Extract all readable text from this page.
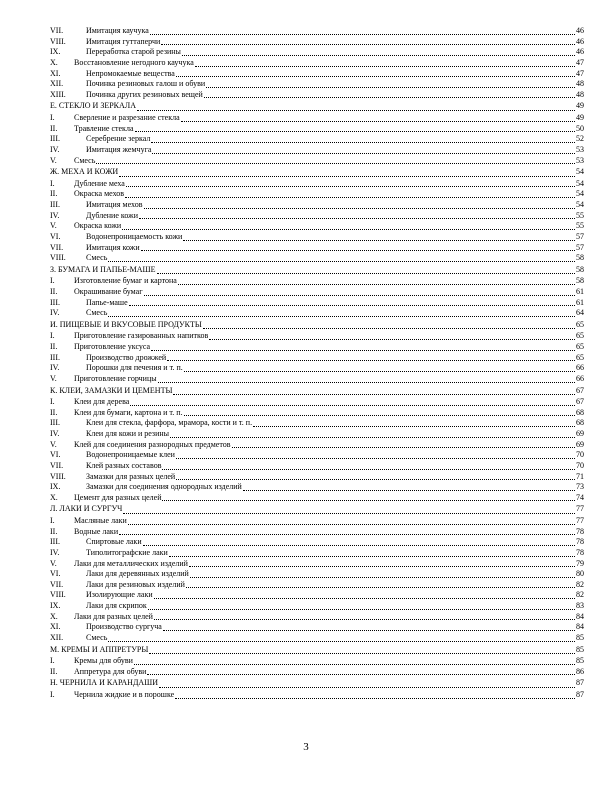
VII.	Имитация каучука	46
VIII.	Имитация гуттаперчи	46
IX.	Переработка старой резины	46
X.	Восстановление негодного каучука	47
XI.	Непромокаемые вещества	47
XII.	Починка резиновых галош и обуви	48
XIII.	Починка других резиновых вещей	48
Е. СТЕКЛО И ЗЕРКАЛА	49
I.	Сверление и разрезание стекла	49
II.	Травление стекла	50
III.	Серебрение зеркал	52
IV.	Имитация жемчуга	53
V.	Смесь	53
Ж. МЕХА И КОЖИ	54
I.	Дубление меха	54
II.	Окраска мехов	54
III.	Имитация мехов	54
IV.	Дубление кожи	55
V.	Окраска кожи	55
VI.	Водонепроницаемость кожи	57
VII.	Имитация кожи	57
VIII.	Смесь	58
З. БУМАГА И ПАПЬЕ-МАШЕ	58
I.	Изготовление бумаг и картона	58
II.	Окрашивание бумаг	61
III.	Папье-маше	61
IV.	Смесь	64
И. ПИЩЕВЫЕ И ВКУСОВЫЕ ПРОДУКТЫ	65
I.	Приготовление газированных напитков	65
II.	Приготовление уксуса	65
III.	Производство дрожжей	65
IV.	Порошки для печения и т. п.	66
V.	Приготовление горчицы	66
К. КЛЕИ, ЗАМАЗКИ И ЦЕМЕНТЫ	67
I.	Клеи для дерева	67
II.	Клеи для бумаги, картона и т. п.	68
III.	Клеи для стекла, фарфора, мрамора, кости и т. п.	68
IV.	Клеи для кожи и резины	69
V.	Клей для соединения разнородных предметов	69
VI.	Водонепроницаемые клеи	70
VII.	Клей разных составов	70
VIII.	Замазки для разных целей	71
IX.	Замазки для соединения однородных изделий	73
X.	Цемент для разных целей	74
Л. ЛАКИ И СУРГУЧ	77
I.	Масляные лаки	77
II.	Водные лаки	78
III.	Спиртовые лаки	78
IV.	Типолитографские лаки	78
V.	Лаки для металлических изделий	79
VI.	Лаки для деревянных изделий	80
VII.	Лаки для резиновых изделий	82
VIII.	Изолирующие лаки	82
IX.	Лаки для скрипок	83
X.	Лаки для разных целей	84
XI.	Производство сургуча	84
XII.	Смесь	85
М. КРЕМЫ И АППРЕТУРЫ	85
I.	Кремы для обуви	85
II.	Аппретура для обуви	86
Н. ЧЕРНИЛА И КАРАНДАШИ	87
I.	Чернила жидкие и в порошке	87
3
